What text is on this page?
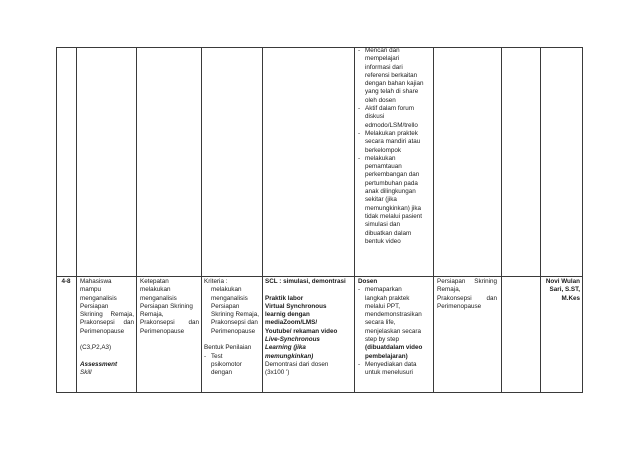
- Mencari dan
mempelajari
informasi dari
referensi berkaitan
dengan bahan kajian
yang telah di share
oleh dosen
- Aktif dalam forum
diskusi
edmodo/LSM/trello
- Melakukan praktek
secara mandiri atau
berkelompok
- melakukan
pemamtauan
perkembangan dan
pertumbuhan pada
anak dilingkungan
sekitar (jika
memungkinkan) jika
tidak melalui pasient
simulasi dan
dibuatkan dalam
bentuk video
4-8	Mahasiswa
mampu
menganalisis
Persiapan
Skrining Remaja,
Prakonsepsi dan
Perimenopause
(C3,P2,A3)
Assessment
Skill
Ketepatan
melakukan
menganalisis
Persiapan Skrining
Remaja,
Prakonsepsi dan
Perimenopause
Kriteria :
melakukan
menganalisis
Persiapan
Skrining Remaja,
Prakonsepsi dan
Perimenopause
Bentuk Penilaian
- Test
psikomotor
dengan
SCL : simulasi, demontrasi
Praktik labor
Virtual Synchronous
learnig dengan
mediaZoom/LMS/
Youtube/ rekaman video
Live-Synchronous
Learning (jika
memungkinkan)
Demontrasi dari dosen
(3x100 ')
Dosen
- memaparkan
langkah praktek
melalui PPT,
mendemonstrasikan
secara life,
menjelaskan secara
step by step
(dibuatdalam video
pembelajaran)
- Menyediakan data
untuk menelusuri
Persiapan Skrining
Remaja,
Prakonsepsi dan
Perimenopause
Novi Wulan
Sari, S.ST,
M.Kes
